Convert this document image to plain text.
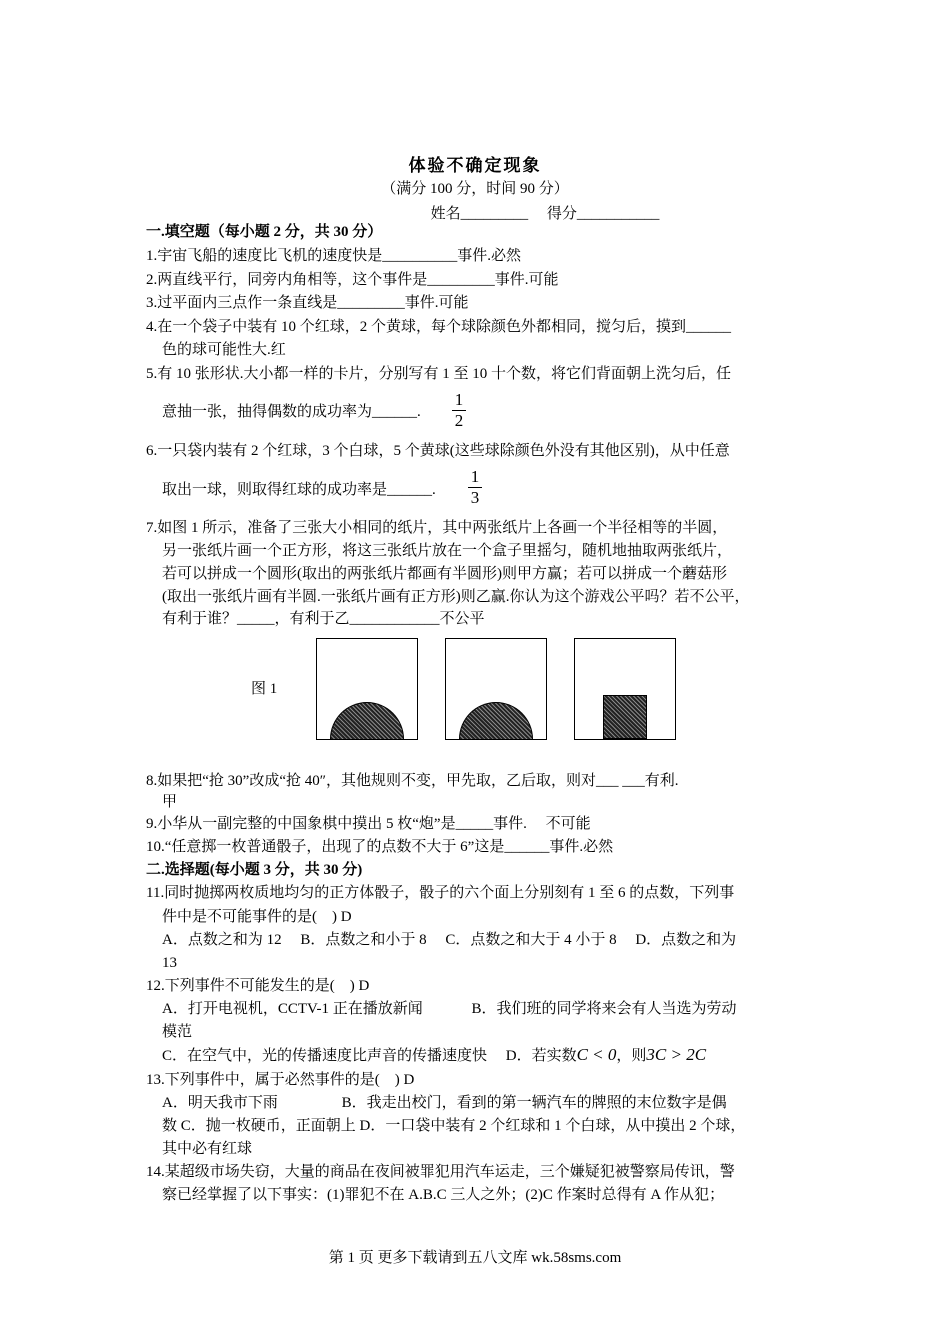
体验不确定现象
（满分 100 分，时间 90 分）
姓名_________　 得分___________
一.填空题（每小题 2 分，共 30 分）
1.宇宙飞船的速度比飞机的速度快是__________事件.必然
2.两直线平行，同旁内角相等，这个事件是_________事件.可能
3.过平面内三点作一条直线是_________事件.可能
4.在一个袋子中装有 10 个红球，2 个黄球，每个球除颜色外都相同，搅匀后，摸到______
色的球可能性大.红
5.有 10 张形状.大小都一样的卡片，分别写有 1 至 10 十个数，将它们背面朝上洗匀后，任
意抽一张，抽得偶数的成功率为______.
1
2
6.一只袋内装有 2 个红球，3 个白球，5 个黄球(这些球除颜色外没有其他区别)，从中任意
取出一球，则取得红球的成功率是______.
1
3
7.如图 1 所示，准备了三张大小相同的纸片，其中两张纸片上各画一个半径相等的半圆，
另一张纸片画一个正方形，将这三张纸片放在一个盒子里摇匀，随机地抽取两张纸片，
若可以拼成一个圆形(取出的两张纸片都画有半圆形)则甲方赢；若可以拼成一个蘑菇形
(取出一张纸片画有半圆.一张纸片画有正方形)则乙赢.你认为这个游戏公平吗？若不公平，
有利于谁？_____，有利于乙____________不公平
图 1
8.如果把“抢 30”改成“抢 40″，其他规则不变，甲先取，乙后取，则对___ ___有利.
甲
9.小华从一副完整的中国象棋中摸出 5 枚“炮”是_____事件.　 不可能
10.“任意掷一枚普通骰子，出现了的点数不大于 6”这是______事件.必然
二.选择题(每小题 3 分，共 30 分)
11.同时抛掷两枚质地均匀的正方体骰子，骰子的六个面上分别刻有 1 至 6 的点数，下列事
件中是不可能事件的是(　) D
A．点数之和为 12　 B．点数之和小于 8　 C．点数之和大于 4 小于 8　 D．点数之和为
13
12.下列事件不可能发生的是(　) D
A．打开电视机，CCTV-1 正在播放新闻　　　 B．我们班的同学将来会有人当选为劳动
模范
C．在空气中，光的传播速度比声音的传播速度快　 D．若实数C < 0，则3C > 2C
13.下列事件中，属于必然事件的是(　) D
A．明天我市下雨　　　　 B．我走出校门，看到的第一辆汽车的牌照的末位数字是偶
数 C．抛一枚硬币，正面朝上 D．一口袋中装有 2 个红球和 1 个白球，从中摸出 2 个球，
其中必有红球
14.某超级市场失窃，大量的商品在夜间被罪犯用汽车运走，三个嫌疑犯被警察局传讯，警
察已经掌握了以下事实：(1)罪犯不在 A.B.C 三人之外；(2)C 作案时总得有 A 作从犯；
第 1 页 更多下载请到五八文库 wk.58sms.com
